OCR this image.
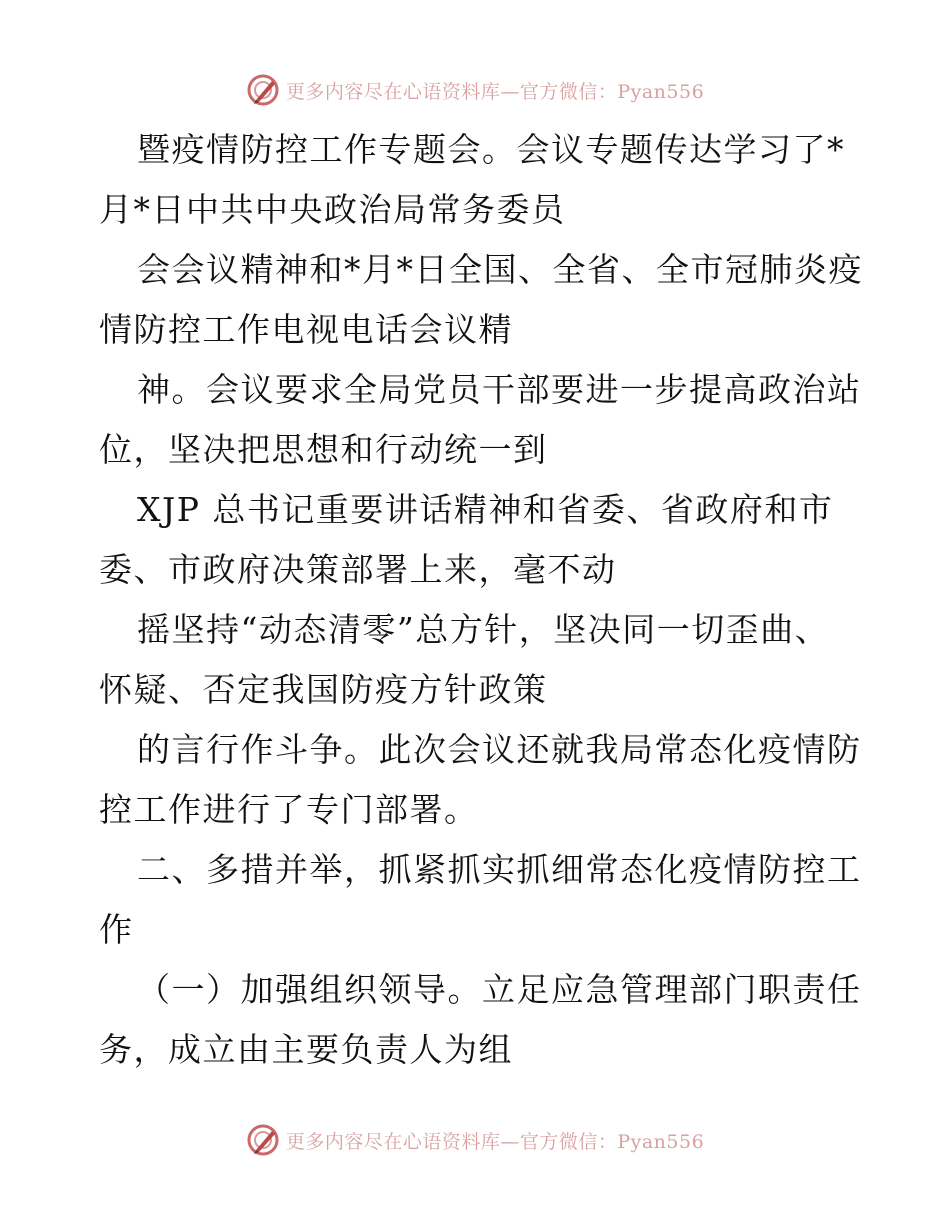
更多内容尽在心语资料库—官方微信：Pyan556

暨疫情防控工作专题会。会议专题传达学习了*
月*日中共中央政治局常务委员

会会议精神和*月*日全国、全省、全市冠肺炎疫
情防控工作电视电话会议精

神。会议要求全局党员干部要进一步提高政治站
位，坚决把思想和行动统一到

XJP 总书记重要讲话精神和省委、省政府和市
委、市政府决策部署上来，毫不动

摇坚持“动态清零”总方针，坚决同一切歪曲、
怀疑、否定我国防疫方针政策

的言行作斗争。此次会议还就我局常态化疫情防
控工作进行了专门部署。

二、多措并举，抓紧抓实抓细常态化疫情防控工
作

（一）加强组织领导。立足应急管理部门职责任
务，成立由主要负责人为组

更多内容尽在心语资料库—官方微信：Pyan556
